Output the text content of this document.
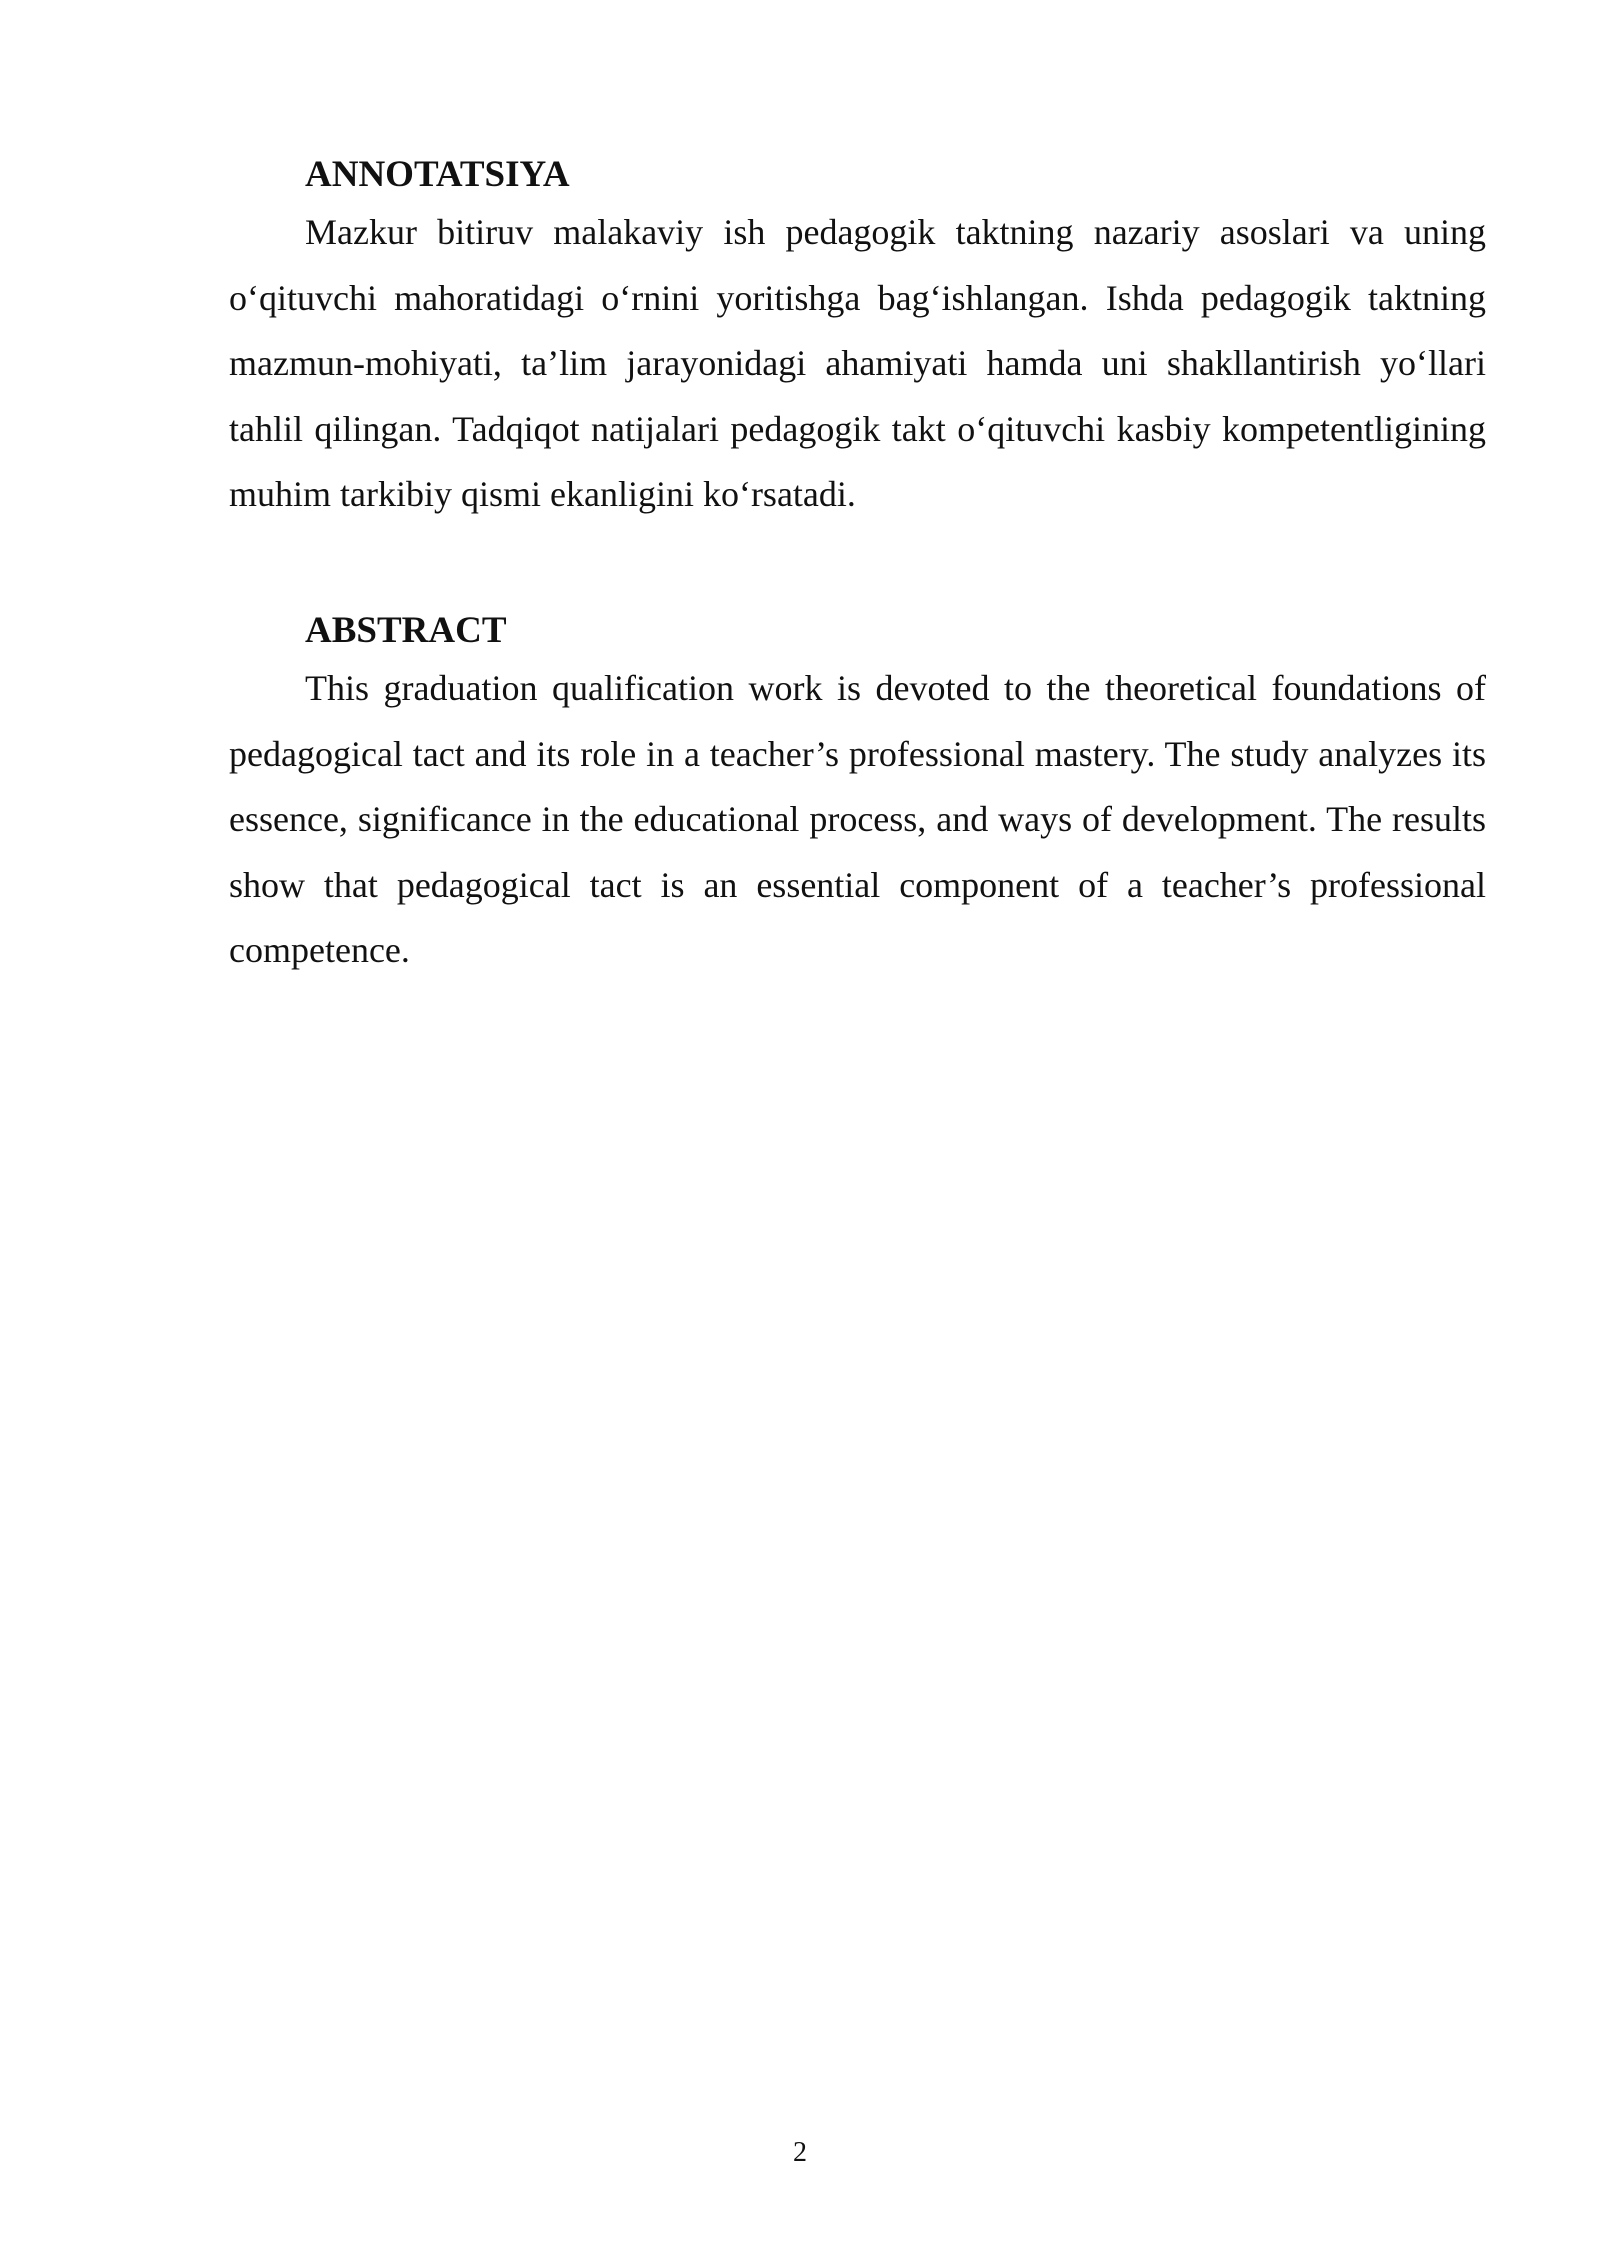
ANNOTATSIYA

Mazkur bitiruv malakaviy ish pedagogik taktning nazariy asoslari va uning o‘qituvchi mahoratidagi o‘rnini yoritishga bag‘ishlangan. Ishda pedagogik taktning mazmun-mohiyati, ta’lim jarayonidagi ahamiyati hamda uni shakllantirish yo‘llari tahlil qilingan. Tadqiqot natijalari pedagogik takt o‘qituvchi kasbiy kompetentligining muhim tarkibiy qismi ekanligini ko‘rsatadi.

ABSTRACT

This graduation qualification work is devoted to the theoretical foundations of pedagogical tact and its role in a teacher’s professional mastery. The study analyzes its essence, significance in the educational process, and ways of development. The results show that pedagogical tact is an essential component of a teacher’s professional competence.

2
